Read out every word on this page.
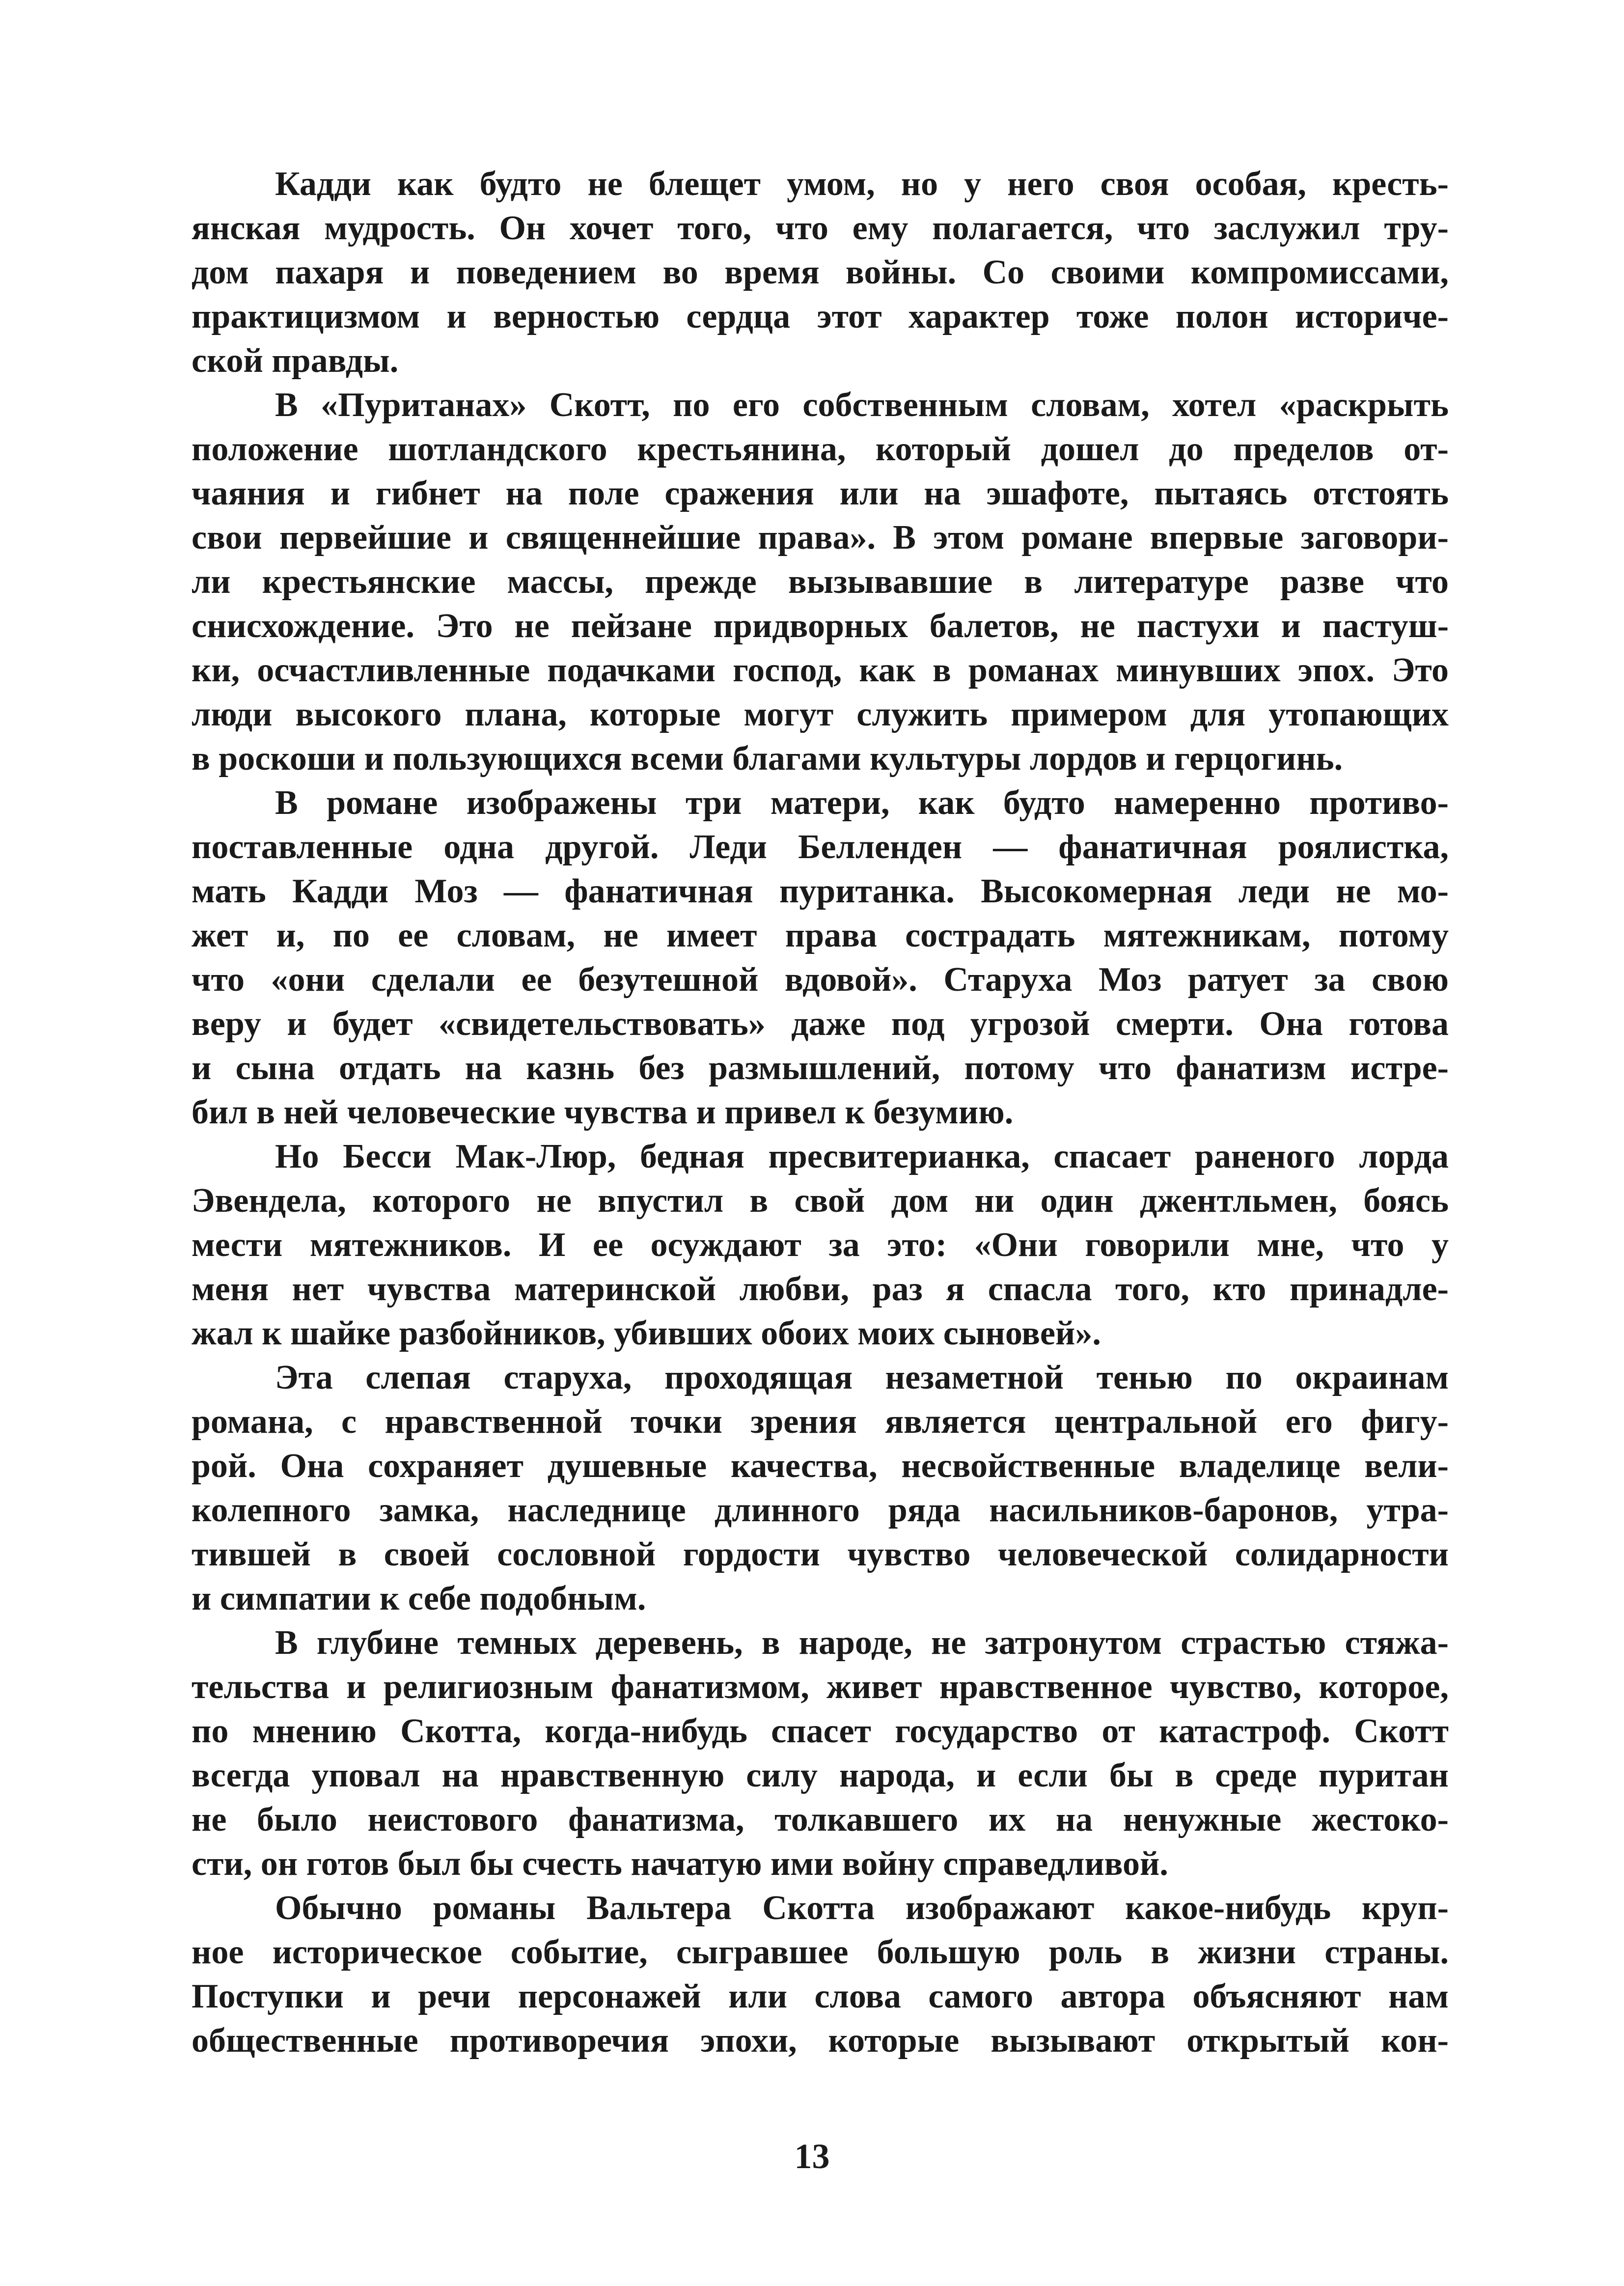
Кадди как будто не блещет умом, но у него своя особая, кресть-
янская мудрость. Он хочет того, что ему полагается, что заслужил тру-
дом пахаря и поведением во время войны. Со своими компромиссами,
практицизмом и верностью сердца этот характер тоже полон историче-
ской правды.
В «Пуританах» Скотт, по его собственным словам, хотел «раскрыть
положение шотландского крестьянина, который дошел до пределов от-
чаяния и гибнет на поле сражения или на эшафоте, пытаясь отстоять
свои первейшие и священнейшие права». В этом романе впервые заговори-
ли крестьянские массы, прежде вызывавшие в литературе разве что
снисхождение. Это не пейзане придворных балетов, не пастухи и пастуш-
ки, осчастливленные подачками господ, как в романах минувших эпох. Это
люди высокого плана, которые могут служить примером для утопающих
в роскоши и пользующихся всеми благами культуры лордов и герцогинь.
В романе изображены три матери, как будто намеренно противо-
поставленные одна другой. Леди Белленден — фанатичная роялистка,
мать Кадди Моз — фанатичная пуританка. Высокомерная леди не мо-
жет и, по ее словам, не имеет права сострадать мятежникам, потому
что «они сделали ее безутешной вдовой». Старуха Моз ратует за свою
веру и будет «свидетельствовать» даже под угрозой смерти. Она готова
и сына отдать на казнь без размышлений, потому что фанатизм истре-
бил в ней человеческие чувства и привел к безумию.
Но Бесси Мак-Люр, бедная пресвитерианка, спасает раненого лорда
Эвендела, которого не впустил в свой дом ни один джентльмен, боясь
мести мятежников. И ее осуждают за это: «Они говорили мне, что у
меня нет чувства материнской любви, раз я спасла того, кто принадле-
жал к шайке разбойников, убивших обоих моих сыновей».
Эта слепая старуха, проходящая незаметной тенью по окраинам
романа, с нравственной точки зрения является центральной его фигу-
рой. Она сохраняет душевные качества, несвойственные владелице вели-
колепного замка, наследнице длинного ряда насильников-баронов, утра-
тившей в своей сословной гордости чувство человеческой солидарности
и симпатии к себе подобным.
В глубине темных деревень, в народе, не затронутом страстью стяжа-
тельства и религиозным фанатизмом, живет нравственное чувство, которое,
по мнению Скотта, когда-нибудь спасет государство от катастроф. Скотт
всегда уповал на нравственную силу народа, и если бы в среде пуритан
не было неистового фанатизма, толкавшего их на ненужные жестоко-
сти, он готов был бы счесть начатую ими войну справедливой.
Обычно романы Вальтера Скотта изображают какое-нибудь круп-
ное историческое событие, сыгравшее большую роль в жизни страны.
Поступки и речи персонажей или слова самого автора объясняют нам
общественные противоречия эпохи, которые вызывают открытый кон-
13
